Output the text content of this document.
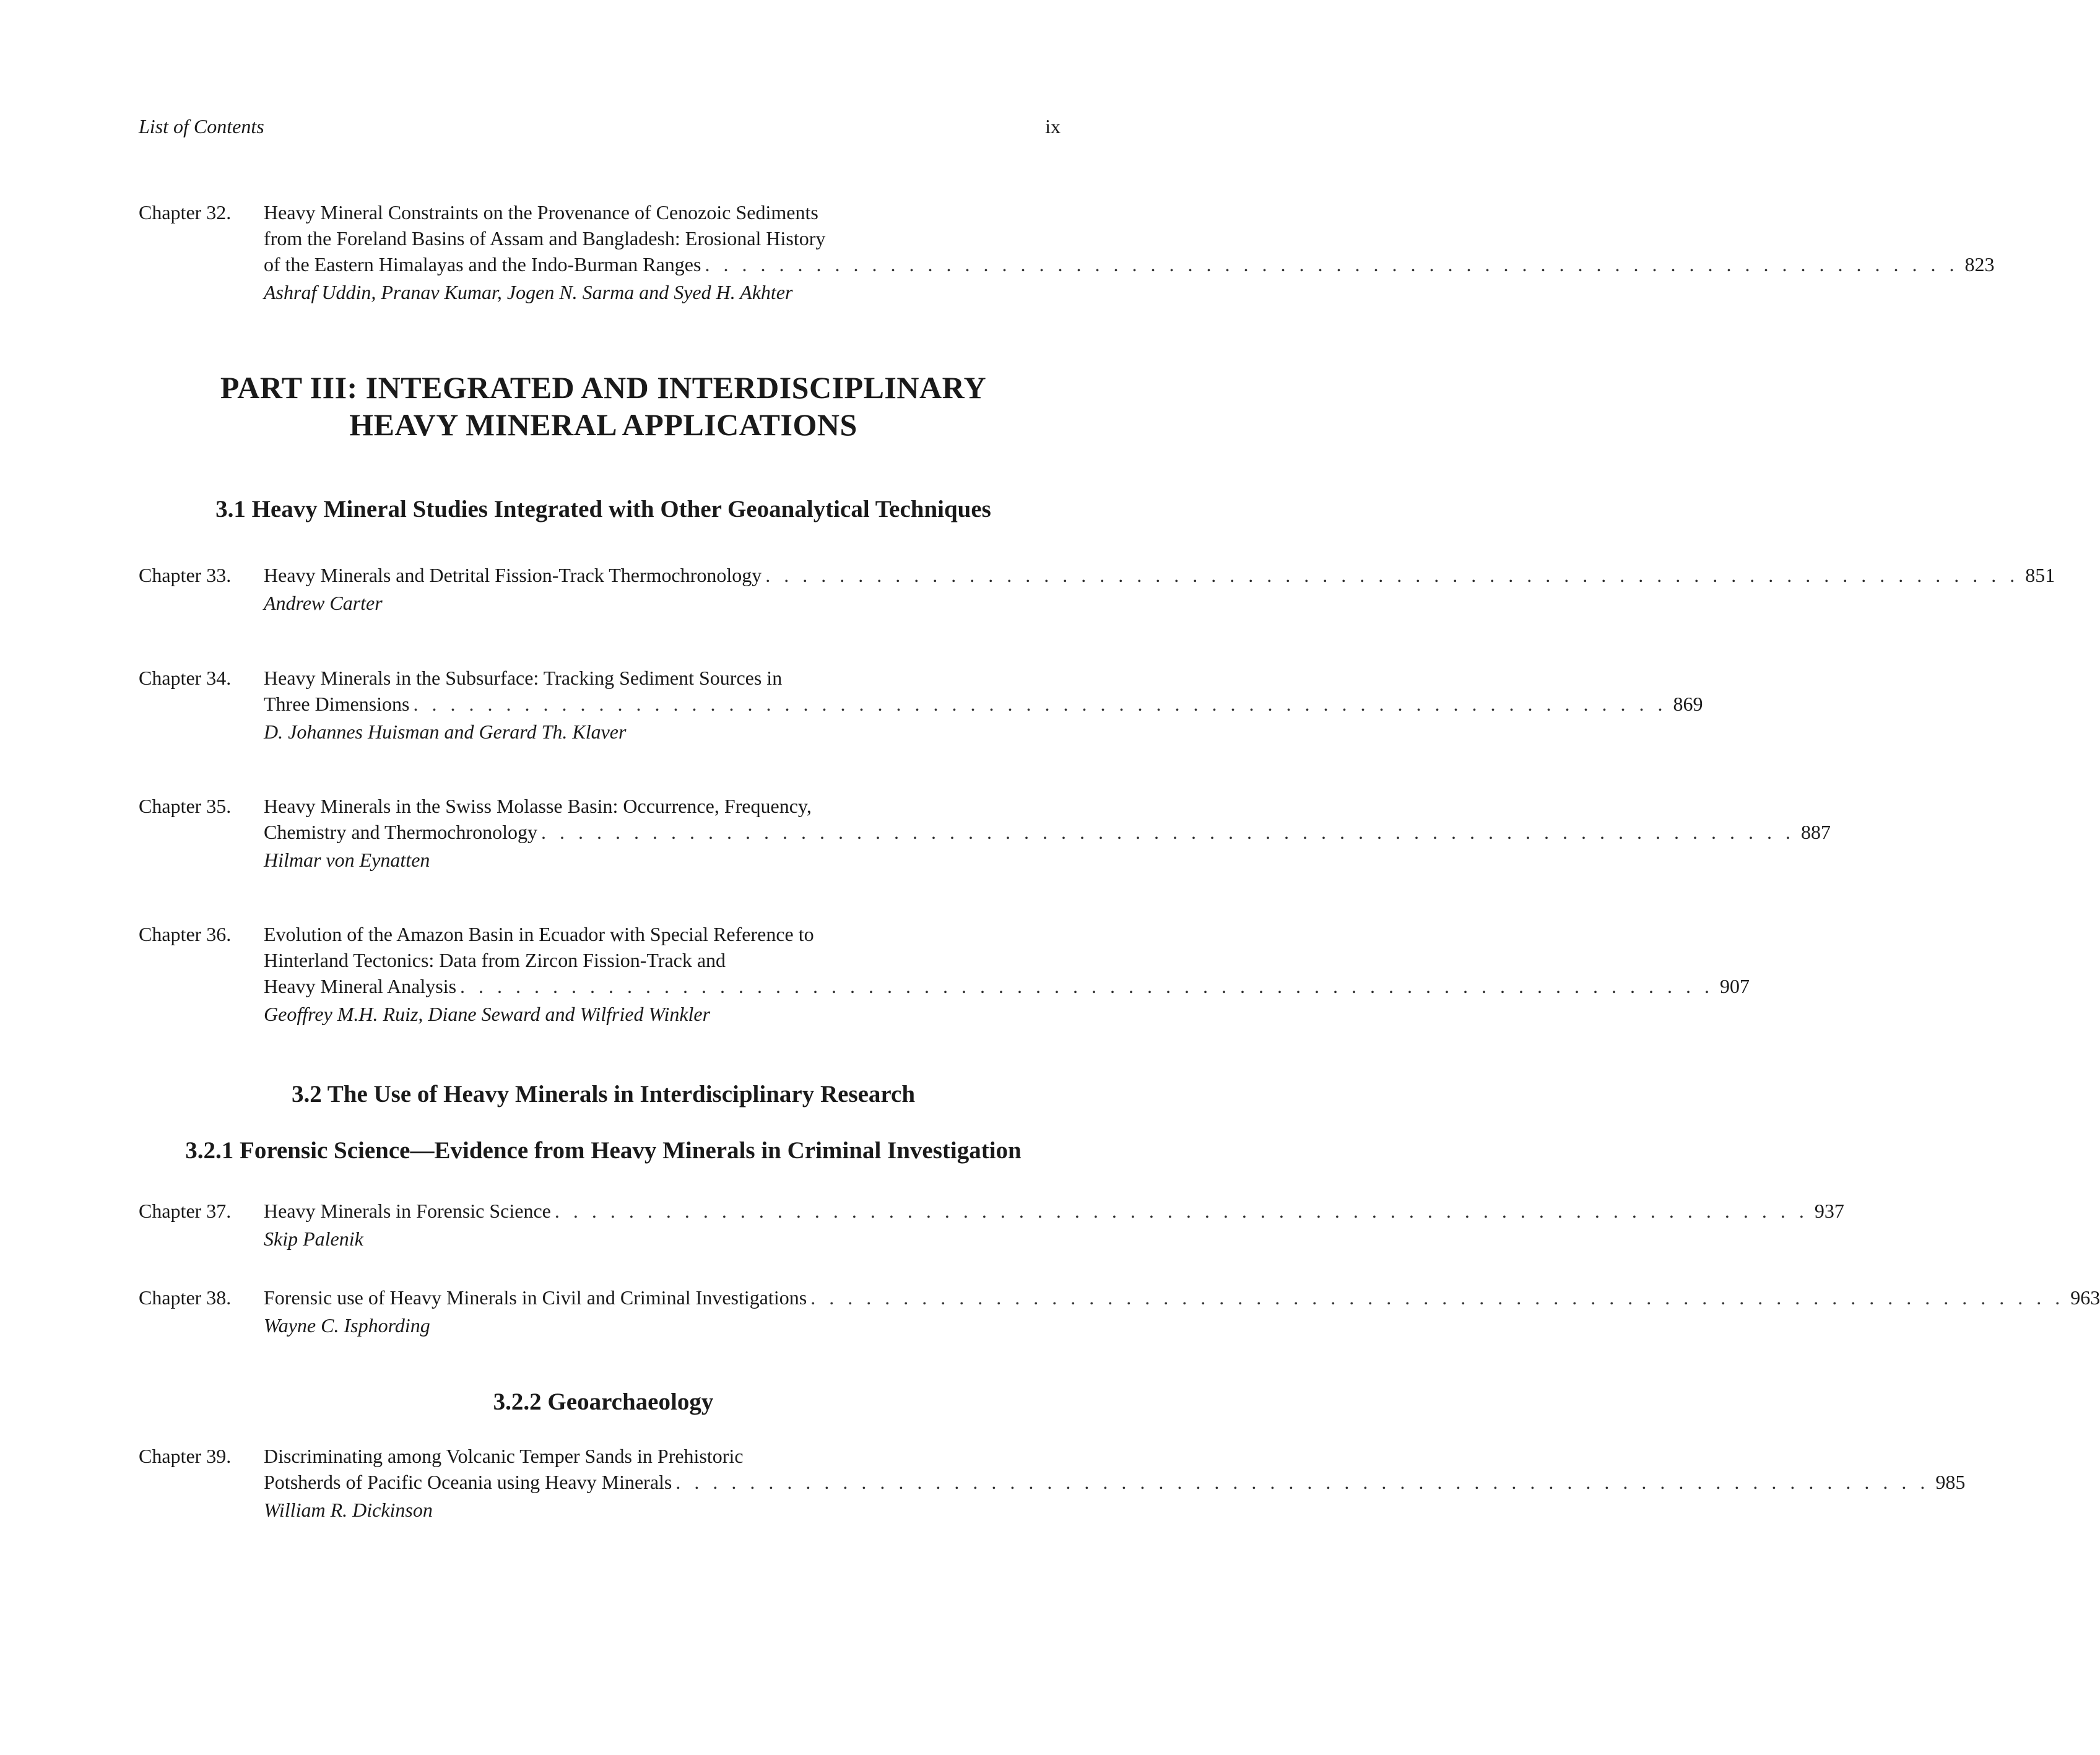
List of Contents	ix
Chapter 32.	Heavy Mineral Constraints on the Provenance of Cenozoic Sediments
from the Foreland Basins of Assam and Bangladesh: Erosional History
of the Eastern Himalayas and the Indo-Burman Ranges . . . . . . . . . . . . . . . . . . . . . . . . . . . . . . . . . . . . . . . . . . . . . . . . . . . . . . . . . . . . . . . . . . . . 823
Ashraf Uddin, Pranav Kumar, Jogen N. Sarma and Syed H. Akhter
PART III: INTEGRATED AND INTERDISCIPLINARY
HEAVY MINERAL APPLICATIONS
3.1 Heavy Mineral Studies Integrated with Other Geoanalytical Techniques
Chapter 33.	Heavy Minerals and Detrital Fission-Track Thermochronology . . . . . . . . . . . . . . . . . . . . . . . . . . . . . . . . . . . . . . . . . . . . . . . . . . . . . . . . . . . . . . . . . . . . 851
Andrew Carter
Chapter 34.	Heavy Minerals in the Subsurface: Tracking Sediment Sources in
Three Dimensions . . . . . . . . . . . . . . . . . . . . . . . . . . . . . . . . . . . . . . . . . . . . . . . . . . . . . . . . . . . . . . . . . . . . 869
D. Johannes Huisman and Gerard Th. Klaver
Chapter 35.	Heavy Minerals in the Swiss Molasse Basin: Occurrence, Frequency,
Chemistry and Thermochronology . . . . . . . . . . . . . . . . . . . . . . . . . . . . . . . . . . . . . . . . . . . . . . . . . . . . . . . . . . . . . . . . . . . . 887
Hilmar von Eynatten
Chapter 36.	Evolution of the Amazon Basin in Ecuador with Special Reference to
Hinterland Tectonics: Data from Zircon Fission-Track and
Heavy Mineral Analysis . . . . . . . . . . . . . . . . . . . . . . . . . . . . . . . . . . . . . . . . . . . . . . . . . . . . . . . . . . . . . . . . . . . . 907
Geoffrey M.H. Ruiz, Diane Seward and Wilfried Winkler
3.2 The Use of Heavy Minerals in Interdisciplinary Research
3.2.1 Forensic Science—Evidence from Heavy Minerals in Criminal Investigation
Chapter 37.	Heavy Minerals in Forensic Science . . . . . . . . . . . . . . . . . . . . . . . . . . . . . . . . . . . . . . . . . . . . . . . . . . . . . . . . . . . . . . . . . . . . 937
Skip Palenik
Chapter 38.	Forensic use of Heavy Minerals in Civil and Criminal Investigations . . . . . . . . . . . . . . . . . . . . . . . . . . . . . . . . . . . . . . . . . . . . . . . . . . . . . . . . . . . . . . . . . . . . 963
Wayne C. Isphording
3.2.2 Geoarchaeology
Chapter 39.	Discriminating among Volcanic Temper Sands in Prehistoric
Potsherds of Pacific Oceania using Heavy Minerals . . . . . . . . . . . . . . . . . . . . . . . . . . . . . . . . . . . . . . . . . . . . . . . . . . . . . . . . . . . . . . . . . . . . 985
William R. Dickinson
